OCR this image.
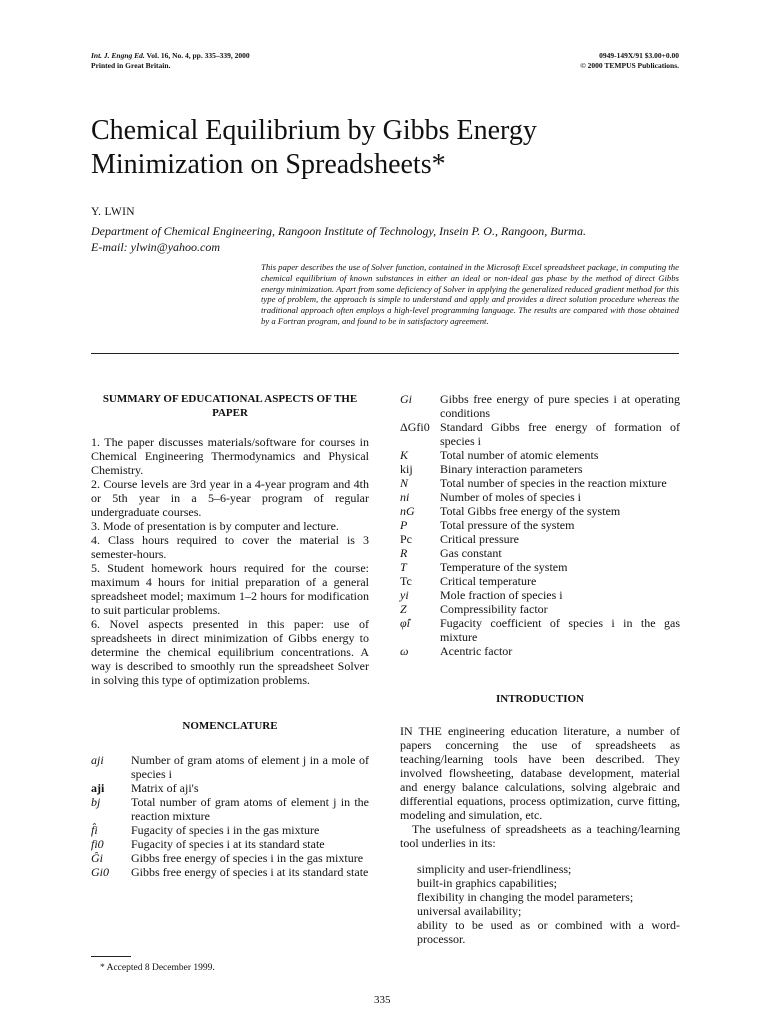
Int. J. Engng Ed. Vol. 16, No. 4, pp. 335–339, 2000
Printed in Great Britain.
0949-149X/91 $3.00+0.00
© 2000 TEMPUS Publications.
Chemical Equilibrium by Gibbs Energy
Minimization on Spreadsheets*
Y. LWIN
Department of Chemical Engineering, Rangoon Institute of Technology, Insein P. O., Rangoon, Burma.
E-mail: ylwin@yahoo.com
This paper describes the use of Solver function, contained in the Microsoft Excel spreadsheet package, in computing the chemical equilibrium of known substances in either an ideal or non-ideal gas phase by the method of direct Gibbs energy minimization. Apart from some deficiency of Solver in applying the generalized reduced gradient method for this type of problem, the approach is simple to understand and apply and provides a direct solution procedure whereas the traditional approach often employs a high-level programming language. The results are compared with those obtained by a Fortran program, and found to be in satisfactory agreement.
SUMMARY OF EDUCATIONAL ASPECTS OF THE PAPER

1. The paper discusses materials/software for courses in Chemical Engineering Thermodynamics and Physical Chemistry.

2. Course levels are 3rd year in a 4-year program and 4th or 5th year in a 5–6-year program of regular undergraduate courses.

3. Mode of presentation is by computer and lecture.

4. Class hours required to cover the material is 3 semester-hours.

5. Student homework hours required for the course: maximum 4 hours for initial preparation of a general spreadsheet model; maximum 1–2 hours for modification to suit particular problems.

6. Novel aspects presented in this paper: use of spreadsheets in direct minimization of Gibbs energy to determine the chemical equilibrium concentrations. A way is described to smoothly run the spreadsheet Solver in solving this type of optimization problems.

NOMENCLATURE
aji	Number of gram atoms of element j in a mole of species i
aji	Matrix of aji's
bj	Total number of gram atoms of element j in the reaction mixture
f̂i	Fugacity of species i in the gas mixture
fi0	Fugacity of species i at its standard state
Ĝi	Gibbs free energy of species i in the gas mixture
Gi0	Gibbs free energy of species i at its standard state
* Accepted 8 December 1999.
Gi	Gibbs free energy of pure species i at operating conditions
ΔGfi0 Standard Gibbs free energy of formation of species i
K	Total number of atomic elements
kij	Binary interaction parameters
N	Total number of species in the reaction mixture
ni	Number of moles of species i
nG	Total Gibbs free energy of the system
P	Total pressure of the system
Pc	Critical pressure
R	Gas constant
T	Temperature of the system
Tc	Critical temperature
yi	Mole fraction of species i
Z	Compressibility factor
φ̂i	Fugacity coefficient of species i in the gas mixture
ω	Acentric factor
INTRODUCTION

IN THE engineering education literature, a number of papers concerning the use of spreadsheets as teaching/learning tools have been described. They involved flowsheeting, database development, material and energy balance calculations, solving algebraic and differential equations, process optimization, curve fitting, modeling and simulation, etc.

The usefulness of spreadsheets as a teaching/learning tool underlies in its:

simplicity and user-friendliness;
built-in graphics capabilities;
flexibility in changing the model parameters;
universal availability;
ability to be used as or combined with a word-processor.
335
